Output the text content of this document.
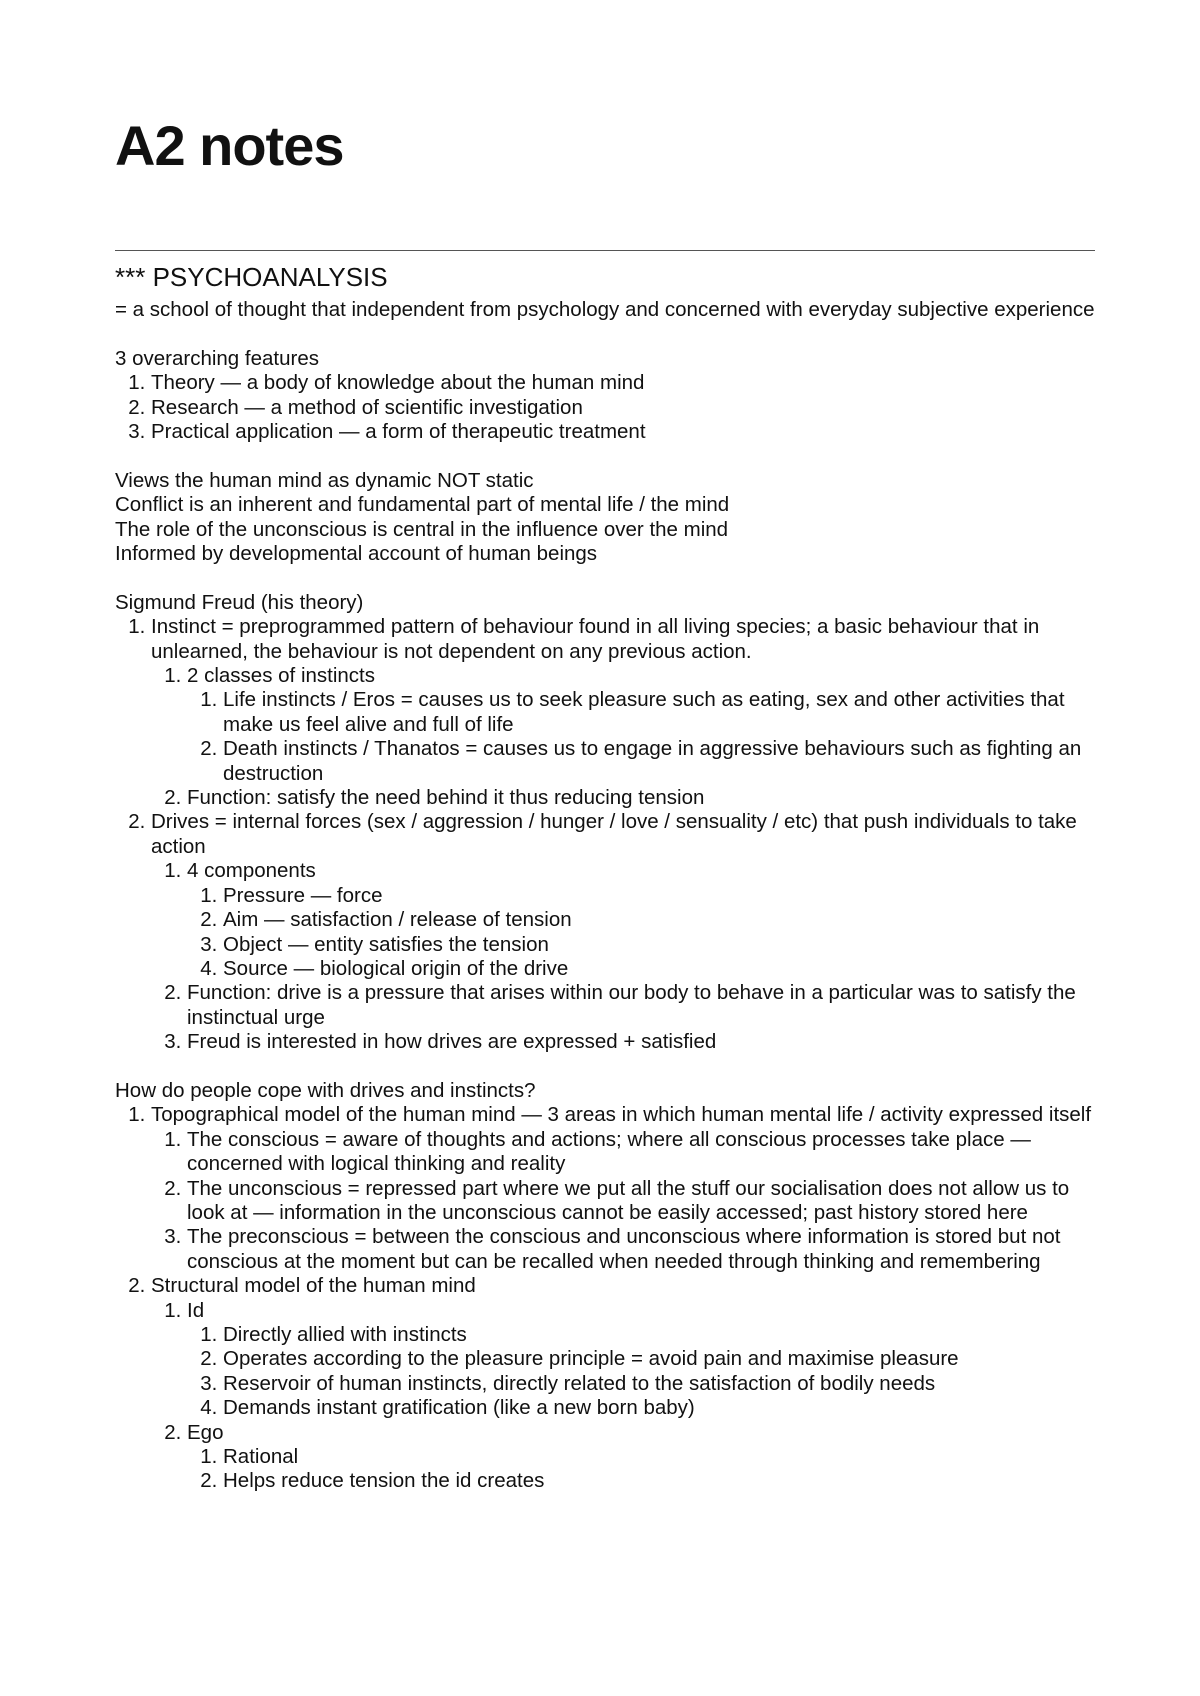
A2 notes
*** PSYCHOANALYSIS

= a school of thought that independent from psychology and concerned with everyday subjective experience

3 overarching features

1. Theory — a body of knowledge about the human mind
2. Research — a method of scientific investigation
3. Practical application — a form of therapeutic treatment

Views the human mind as dynamic NOT static

Conflict is an inherent and fundamental part of mental life / the mind

The role of the unconscious is central in the influence over the mind

Informed by developmental account of human beings

Sigmund Freud (his theory)

1. Instinct = preprogrammed pattern of behaviour found in all living species; a basic behaviour that in unlearned, the behaviour is not dependent on any previous action.
1. 2 classes of instincts
1. Life instincts / Eros = causes us to seek pleasure such as eating, sex and other activities that make us feel alive and full of life
2. Death instincts / Thanatos = causes us to engage in aggressive behaviours such as fighting an destruction
2. Function: satisfy the need behind it thus reducing tension
2. Drives = internal forces (sex / aggression / hunger / love / sensuality / etc) that push individuals to take action
1. 4 components
1. Pressure — force
2. Aim — satisfaction / release of tension
3. Object — entity satisfies the tension
4. Source — biological origin of the drive
2. Function: drive is a pressure that arises within our body to behave in a particular was to satisfy the instinctual urge
3. Freud is interested in how drives are expressed + satisfied

How do people cope with drives and instincts?

1. Topographical model of the human mind — 3 areas in which human mental life / activity expressed itself
1. The conscious = aware of thoughts and actions; where all conscious processes take place — concerned with logical thinking and reality
2. The unconscious = repressed part where we put all the stuff our socialisation does not allow us to look at — information in the unconscious cannot be easily accessed; past history stored here
3. The preconscious = between the conscious and unconscious where information is stored but not conscious at the moment but can be recalled when needed through thinking and remembering
2. Structural model of the human mind
1. Id
1. Directly allied with instincts
2. Operates according to the pleasure principle = avoid pain and maximise pleasure
3. Reservoir of human instincts, directly related to the satisfaction of bodily needs
4. Demands instant gratification (like a new born baby)
2. Ego
1. Rational
2. Helps reduce tension the id creates
